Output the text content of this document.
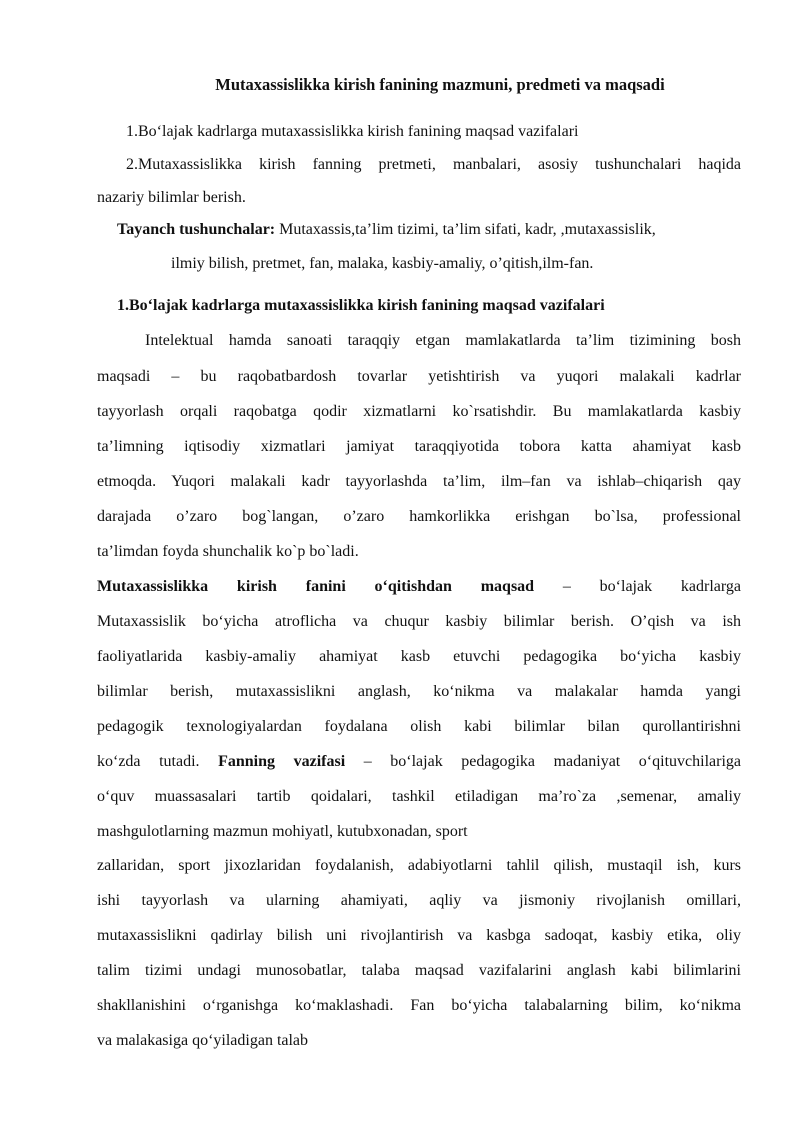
Mutaxassislikka kirish fanining mazmuni, predmeti va maqsadi
1.Bo‘lajak kadrlarga mutaxassislikka kirish fanining maqsad vazifalari
2.Mutaxassislikka kirish fanning pretmeti, manbalari, asosiy tushunchalari haqida
nazariy bilimlar berish.
Tayanch tushunchalar: Mutaxassis,ta’lim tizimi, ta’lim sifati, kadr, ,mutaxassislik,
ilmiy bilish, pretmet, fan, malaka, kasbiy-amaliy, o’qitish,ilm-fan.
1.Bo‘lajak kadrlarga mutaxassislikka kirish fanining maqsad vazifalari
Intelektual hamda sanoati taraqqiy etgan mamlakatlarda ta’lim tizimining bosh
maqsadi – bu raqobatbardosh tovarlar yetishtirish va yuqori malakali kadrlar
tayyorlash orqali raqobatga qodir xizmatlarni ko`rsatishdir. Bu mamlakatlarda kasbiy
ta’limning iqtisodiy xizmatlari jamiyat taraqqiyotida tobora katta ahamiyat kasb
etmoqda. Yuqori malakali kadr tayyorlashda ta’lim, ilm–fan va ishlab–chiqarish qay
darajada o’zaro bog`langan, o’zaro hamkorlikka erishgan bo`lsa, professional
ta’limdan foyda shunchalik ko`p bo`ladi.
Mutaxassislikka kirish fanini o‘qitishdan maqsad – bo‘lajak kadrlarga
Mutaxassislik bo‘yicha atroflicha va chuqur kasbiy bilimlar berish. O’qish va ish
faoliyatlarida kasbiy-amaliy ahamiyat kasb etuvchi pedagogika bo‘yicha kasbiy
bilimlar berish, mutaxassislikni anglash, ko‘nikma va malakalar hamda yangi
pedagogik texnologiyalardan foydalana olish kabi bilimlar bilan qurollantirishni
ko‘zda tutadi. Fanning vazifasi – bo‘lajak pedagogika madaniyat o‘qituvchilariga
o‘quv muassasalari tartib qoidalari, tashkil etiladigan ma’ro`za ,semenar, amaliy
mashgulotlarning mazmun mohiyatl, kutubxonadan, sport
zallaridan, sport jixozlaridan foydalanish, adabiyotlarni tahlil qilish, mustaqil ish, kurs
ishi tayyorlash va ularning ahamiyati, aqliy va jismoniy rivojlanish omillari,
mutaxassislikni qadirlay bilish uni rivojlantirish va kasbga sadoqat, kasbiy etika, oliy
talim tizimi undagi munosobatlar, talaba maqsad vazifalarini anglash kabi bilimlarini
shakllanishini o‘rganishga ko‘maklashadi. Fan bo‘yicha talabalarning bilim, ko‘nikma
va malakasiga qo‘yiladigan talab
